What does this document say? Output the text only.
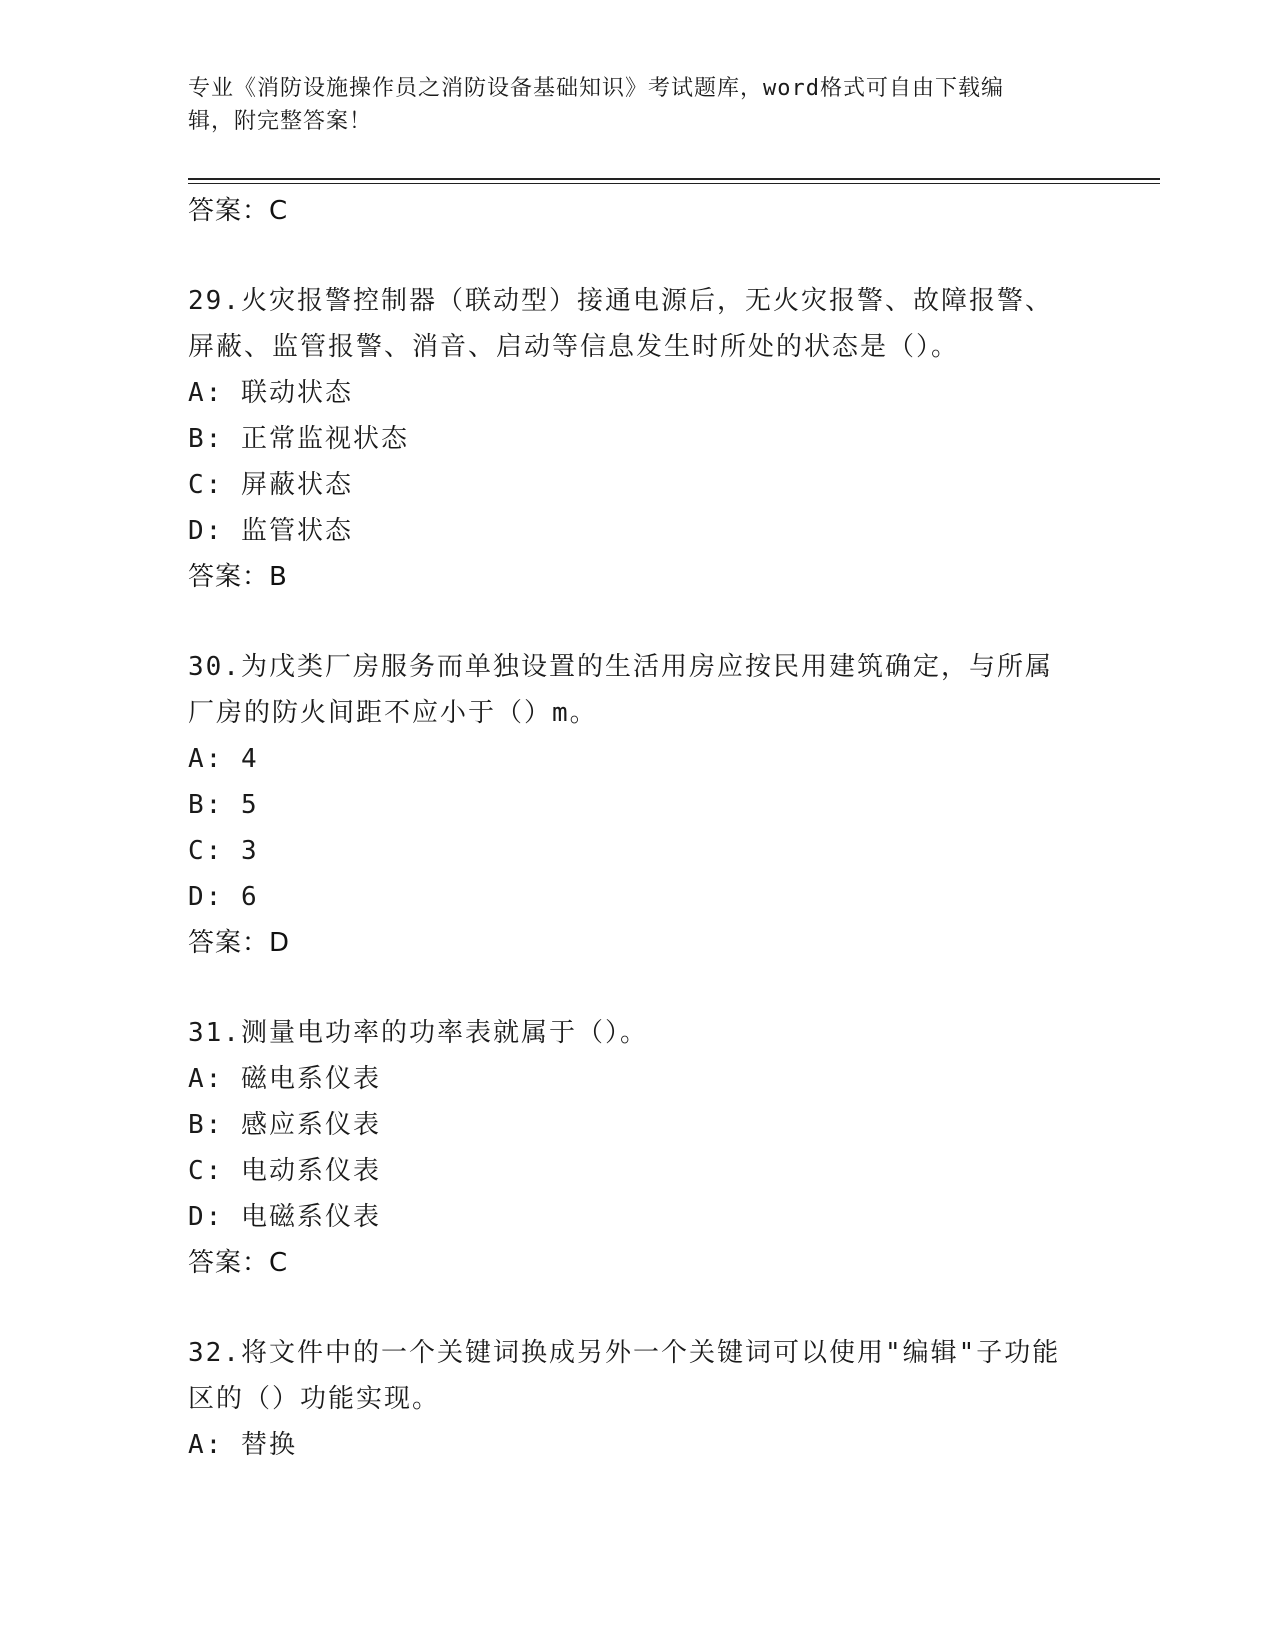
专业《消防设施操作员之消防设备基础知识》考试题库，word格式可自由下载编
辑，附完整答案！
答案：C
29.火灾报警控制器（联动型）接通电源后，无火灾报警、故障报警、
屏蔽、监管报警、消音、启动等信息发生时所处的状态是（）。
A: 联动状态
B: 正常监视状态
C: 屏蔽状态
D: 监管状态
答案：B
30.为戊类厂房服务而单独设置的生活用房应按民用建筑确定，与所属
厂房的防火间距不应小于（）m。
A: 4
B: 5
C: 3
D: 6
答案：D
31.测量电功率的功率表就属于（）。
A: 磁电系仪表
B: 感应系仪表
C: 电动系仪表
D: 电磁系仪表
答案：C
32.将文件中的一个关键词换成另外一个关键词可以使用"编辑"子功能
区的（）功能实现。
A: 替换
